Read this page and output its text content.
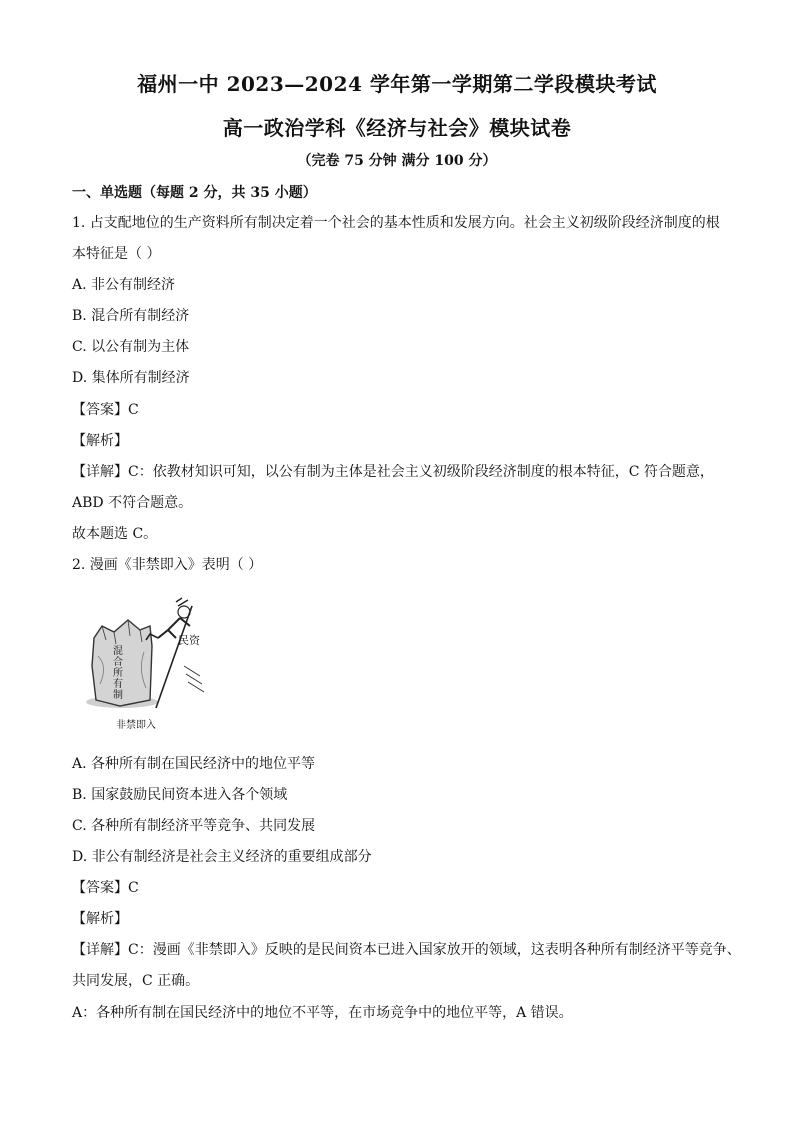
福州一中 2023—2024 学年第一学期第二学段模块考试
高一政治学科《经济与社会》模块试卷
（完卷 75 分钟 满分 100 分）
一、单选题（每题 2 分，共 35 小题）
1. 占支配地位的生产资料所有制决定着一个社会的基本性质和发展方向。社会主义初级阶段经济制度的根
本特征是（ ）
A. 非公有制经济
B. 混合所有制经济
C. 以公有制为主体
D. 集体所有制经济
【答案】C
【解析】
【详解】C：依教材知识可知，以公有制为主体是社会主义初级阶段经济制度的根本特征，C 符合题意，
ABD 不符合题意。
故本题选 C。
2. 漫画《非禁即入》表明（ ）
混合所有制
民资
非禁即入
A. 各种所有制在国民经济中的地位平等
B. 国家鼓励民间资本进入各个领域
C. 各种所有制经济平等竞争、共同发展
D. 非公有制经济是社会主义经济的重要组成部分
【答案】C
【解析】
【详解】C：漫画《非禁即入》反映的是民间资本已进入国家放开的领域，这表明各种所有制经济平等竞争、
共同发展，C 正确。
A：各种所有制在国民经济中的地位不平等，在市场竞争中的地位平等，A 错误。
